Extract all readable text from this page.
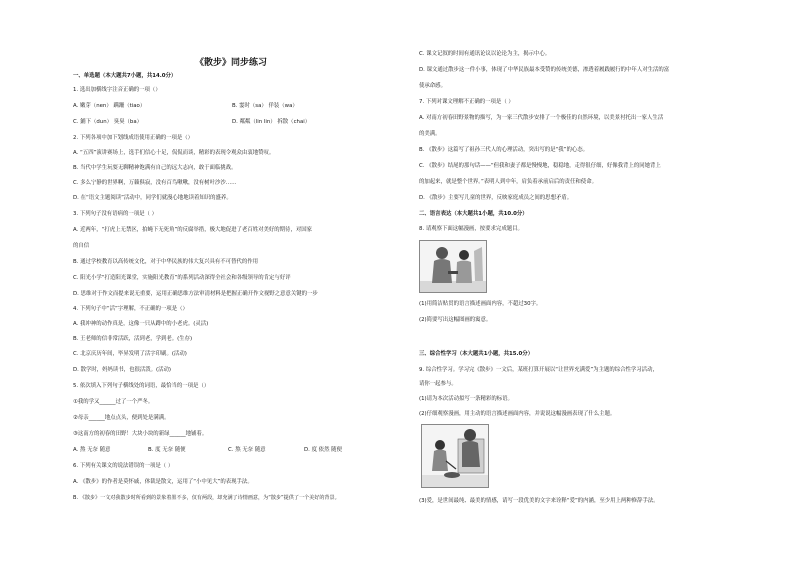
《散步》同步练习
一、单选题（本大题共7小题，共14.0分）
1. 选出加横线字注音正确的一项（）
A. 嫩芽（nen） 蹒跚（tiao）	B. 霎时（sa） 佯装（wa）
C. 鋪下（dun） 臭臭（ba）	D. 粼粼（lin lin） 拆散（chai）
2. 下列各项中加下划线成语使用正确的一项是（）
A. “五四”演讲赛场上，选手们信心十足，侃侃而谈，精彩的表现令观众由衷地赞叹。
B. 当代中学生玩耍无聊精神饱满有自己的远大志向，敢于面临挑战。
C. 多么宁静的世界啊，万籁俱寂，没有百鸟啾啾，没有树叶沙沙……
D. 在“语文主题阅读”活动中，同学们就漫心地地读着知识的盛养。
3. 下列句子没有语病的一项是（ ）
A. 近两年，“打虎上无禁区，拍蝇下无死角”的反腐举措，极大地促进了老百姓对美好的期待，对国家
的自信
B. 通过学校教育以高传统文化，对于中华民族的伟大复兴具有不可替代的作用
C. 阳光小学“打造阳光课堂，实施阳光教育”的系列活动深得全社会和各级领导的肯定与好评
D. 思维对于作文而提来说无重要，运用正确思维方法审清材料是把握正确开作文视野之意意关键的一步
4. 下列句子中“活”字理解，不正确的一项是（）
A. 我冲神的动作真是，这像一只从蹲中的小老虎。(灵活)
B. 王老师的信非常活跃，活到老，学到老。(生存)
C. 北京庆历年间，毕昇发明了活字印刷。(活动)
D. 散学时，妈妈读书，也很活泼。(活动)
5. 依次填入下列句子横线处的词语，最恰当的一项是（）
①我的学又______过了一个严冬。
②母亲______地点点头，便到处是满满。
③这南方的初春的田野！大块小块的新绿______地铺着。
A. 熬 无奈 随意	B. 度 无奈 随便	C. 熬 无奈 随意	D. 度 依然 随便
6. 下列有关课文的说法错误的一项是（ ）
A. 《散步》的作者是莫怀戚，体裁是散文，运用了“小中见大”的表现手法。
B. 《散步》一文对我散步时所看到的景象着墨不多，仅有两段，却充满了诗情画意，为“散步”提供了一个美好的背景。
C. 课文记叙的时间有通讯论议以论论为主，揭示中心。
D. 课文通过散步这一件小事，体现了中华民族最本受赞的传统美德，渗透着履践履行的中年人对生活的富
使承命感。
7. 下列对课文理解不正确的一项是（ ）
A. 对南方初春田野景物的描写，为一家三代散步安排了一个极佳的自然环境，以美景衬托出一家人生活
的美满。
B. 《散步》这篇写了祖孙三代人的心理活动，突出写的是“我”的心态。
C. 《散步》结尾的那句话——“但我和妻子都是慢慢地，稳稳地，走得很仔细，好像我背上的同她背上
的加起来，就是整个世界。”表明人到中年，肩负着承前启后的责任和使命。
D. 《散步》主要写儿童的世界，反映家庭成员之间的思想矛盾。
二、语言表达（本大题共1小题，共10.0分）
8. 请观察下面这幅漫画，按要求完成题目。
(1)用简洁贴贯的语言描述画面内容，不超过30字。
(2)简要写出这幅图画的寓意。
三、综合性学习（本大题共1小题，共15.0分）
9. 综合性学习。学习完《散步》一文后，某班打算开展以“让世界充满爱”为主题的综合性学习活动，
请你一起参与。
(1)请为本次活动拟写一条精彩的标语。
(2)仔细观察漫画，用主动的语言描述画面内容，并说说这幅漫画表现了什么主题。
(3)爱，是世间最纯、最美的情感，请写一段优美的文字来诠释“爱”的内涵，至少用上两种修辞手法。
